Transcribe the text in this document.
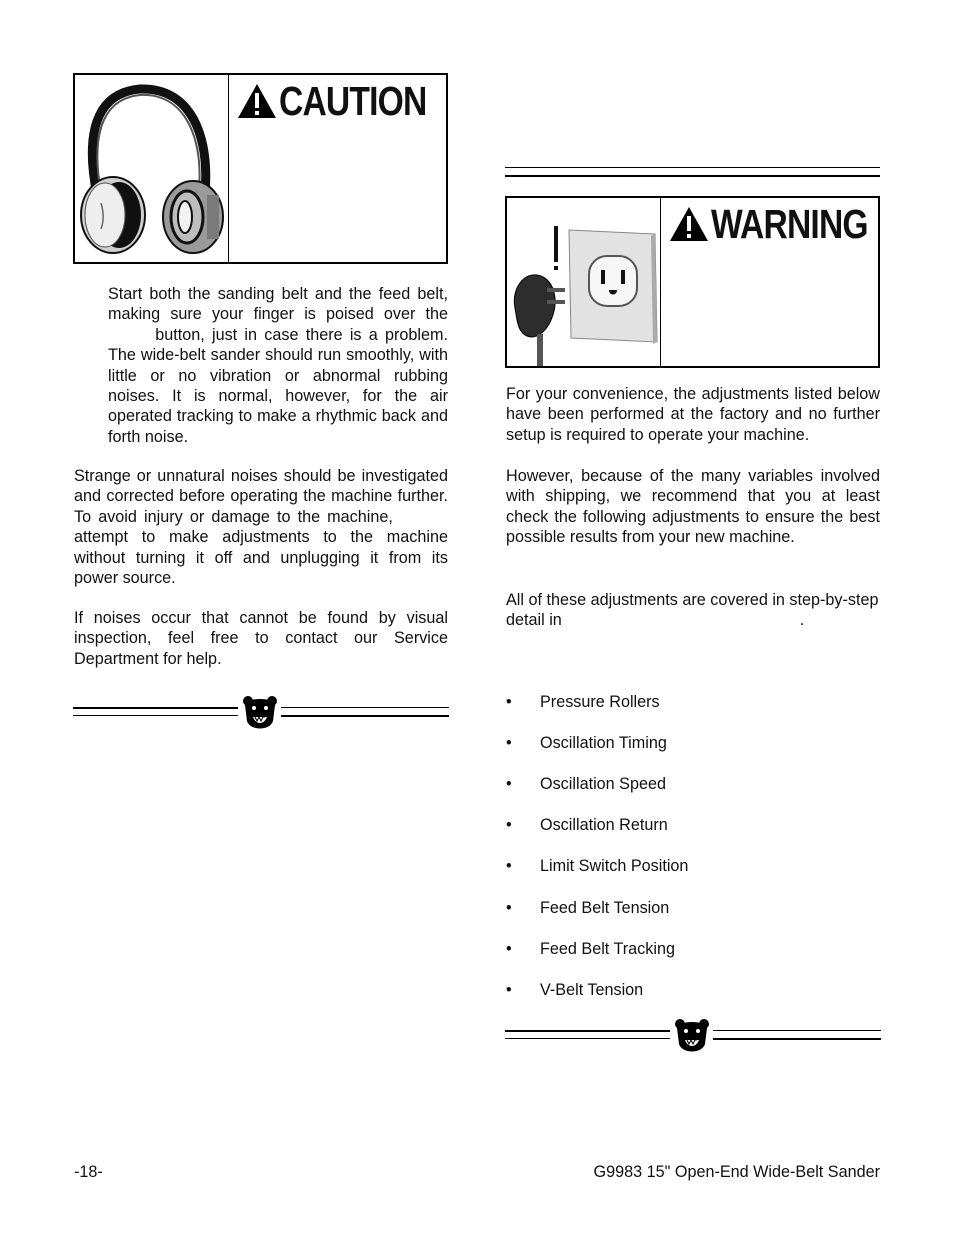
CAUTION
Start both the sanding belt and the feed belt, making sure your finger is poised over the  button, just in case there is a problem. The wide-belt sander should run smoothly, with little or no vibration or abnormal rubbing noises. It is normal, however, for the air operated tracking to make a rhythmic back and forth noise.
Strange or unnatural noises should be investigated and corrected before operating the machine further. To avoid injury or damage to the machine,  attempt to make adjustments to the machine without turning it off and unplugging it from its power source.
If noises occur that cannot be found by visual inspection, feel free to contact our Service Department for help.
WARNING
For your convenience, the adjustments listed below have been performed at the factory and no further setup is required to operate your machine.
However, because of the many variables involved with shipping, we recommend that you at least check the following adjustments to ensure the best possible results from your new machine.
All of these adjustments are covered in step-by-step detail in	.
• Pressure Rollers
• Oscillation Timing
• Oscillation Speed
• Oscillation Return
• Limit Switch Position
• Feed Belt Tension
• Feed Belt Tracking
• V-Belt Tension
-18-	G9983 15" Open-End Wide-Belt Sander
